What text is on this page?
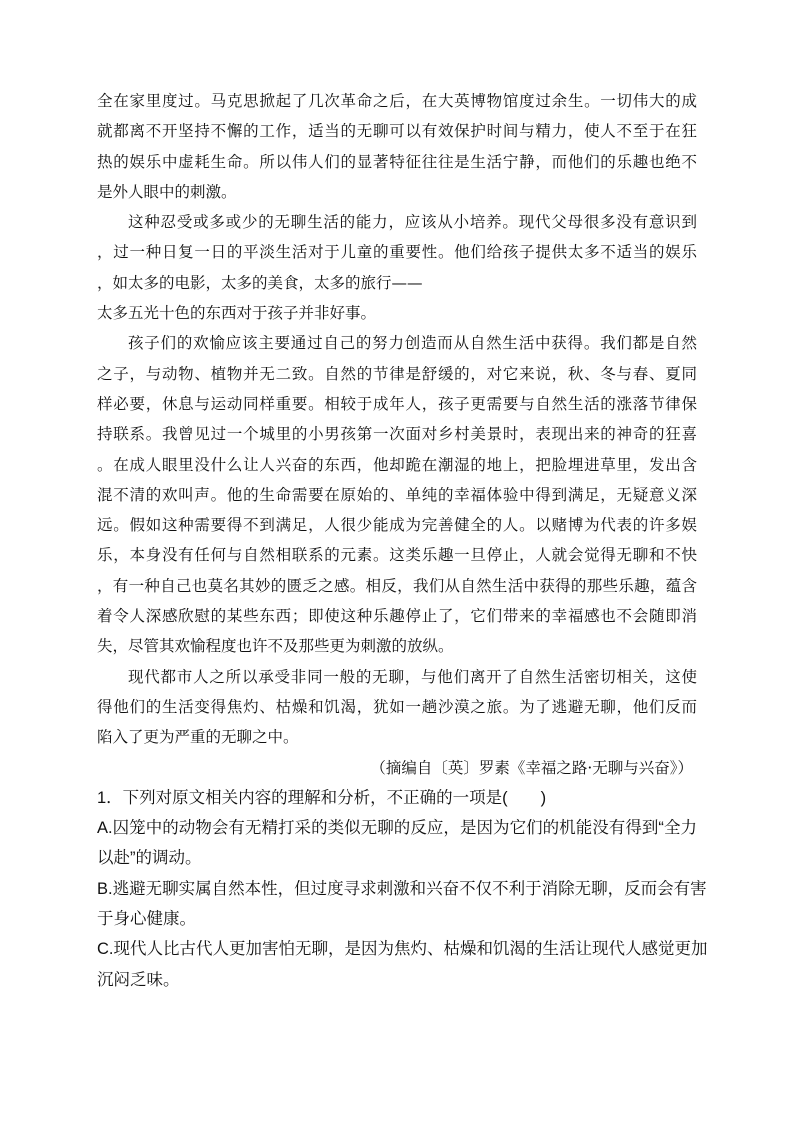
全在家里度过。马克思掀起了几次革命之后，在大英博物馆度过余生。一切伟大的成
就都离不开坚持不懈的工作，适当的无聊可以有效保护时间与精力，使人不至于在狂
热的娱乐中虚耗生命。所以伟人们的显著特征往往是生活宁静，而他们的乐趣也绝不
是外人眼中的刺激。
这种忍受或多或少的无聊生活的能力，应该从小培养。现代父母很多没有意识到
，过一种日复一日的平淡生活对于儿童的重要性。他们给孩子提供太多不适当的娱乐
，如太多的电影，太多的美食，太多的旅行——
太多五光十色的东西对于孩子并非好事。
孩子们的欢愉应该主要通过自己的努力创造而从自然生活中获得。我们都是自然
之子，与动物、植物并无二致。自然的节律是舒缓的，对它来说，秋、冬与春、夏同
样必要，休息与运动同样重要。相较于成年人，孩子更需要与自然生活的涨落节律保
持联系。我曾见过一个城里的小男孩第一次面对乡村美景时，表现出来的神奇的狂喜
。在成人眼里没什么让人兴奋的东西，他却跪在潮湿的地上，把脸埋进草里，发出含
混不清的欢叫声。他的生命需要在原始的、单纯的幸福体验中得到满足，无疑意义深
远。假如这种需要得不到满足，人很少能成为完善健全的人。以赌博为代表的许多娱
乐，本身没有任何与自然相联系的元素。这类乐趣一旦停止，人就会觉得无聊和不快
，有一种自己也莫名其妙的匮乏之感。相反，我们从自然生活中获得的那些乐趣，蕴含
着令人深感欣慰的某些东西；即使这种乐趣停止了，它们带来的幸福感也不会随即消
失，尽管其欢愉程度也许不及那些更为刺激的放纵。
现代都市人之所以承受非同一般的无聊，与他们离开了自然生活密切相关，这使
得他们的生活变得焦灼、枯燥和饥渴，犹如一趟沙漠之旅。为了逃避无聊，他们反而
陷入了更为严重的无聊之中。
（摘编自〔英〕罗素《幸福之路·无聊与兴奋》）
1．下列对原文相关内容的理解和分析，不正确的一项是(　　)
A.囚笼中的动物会有无精打采的类似无聊的反应，是因为它们的机能没有得到“全力
以赴”的调动。
B.逃避无聊实属自然本性，但过度寻求刺激和兴奋不仅不利于消除无聊，反而会有害
于身心健康。
C.现代人比古代人更加害怕无聊，是因为焦灼、枯燥和饥渴的生活让现代人感觉更加
沉闷乏味。
